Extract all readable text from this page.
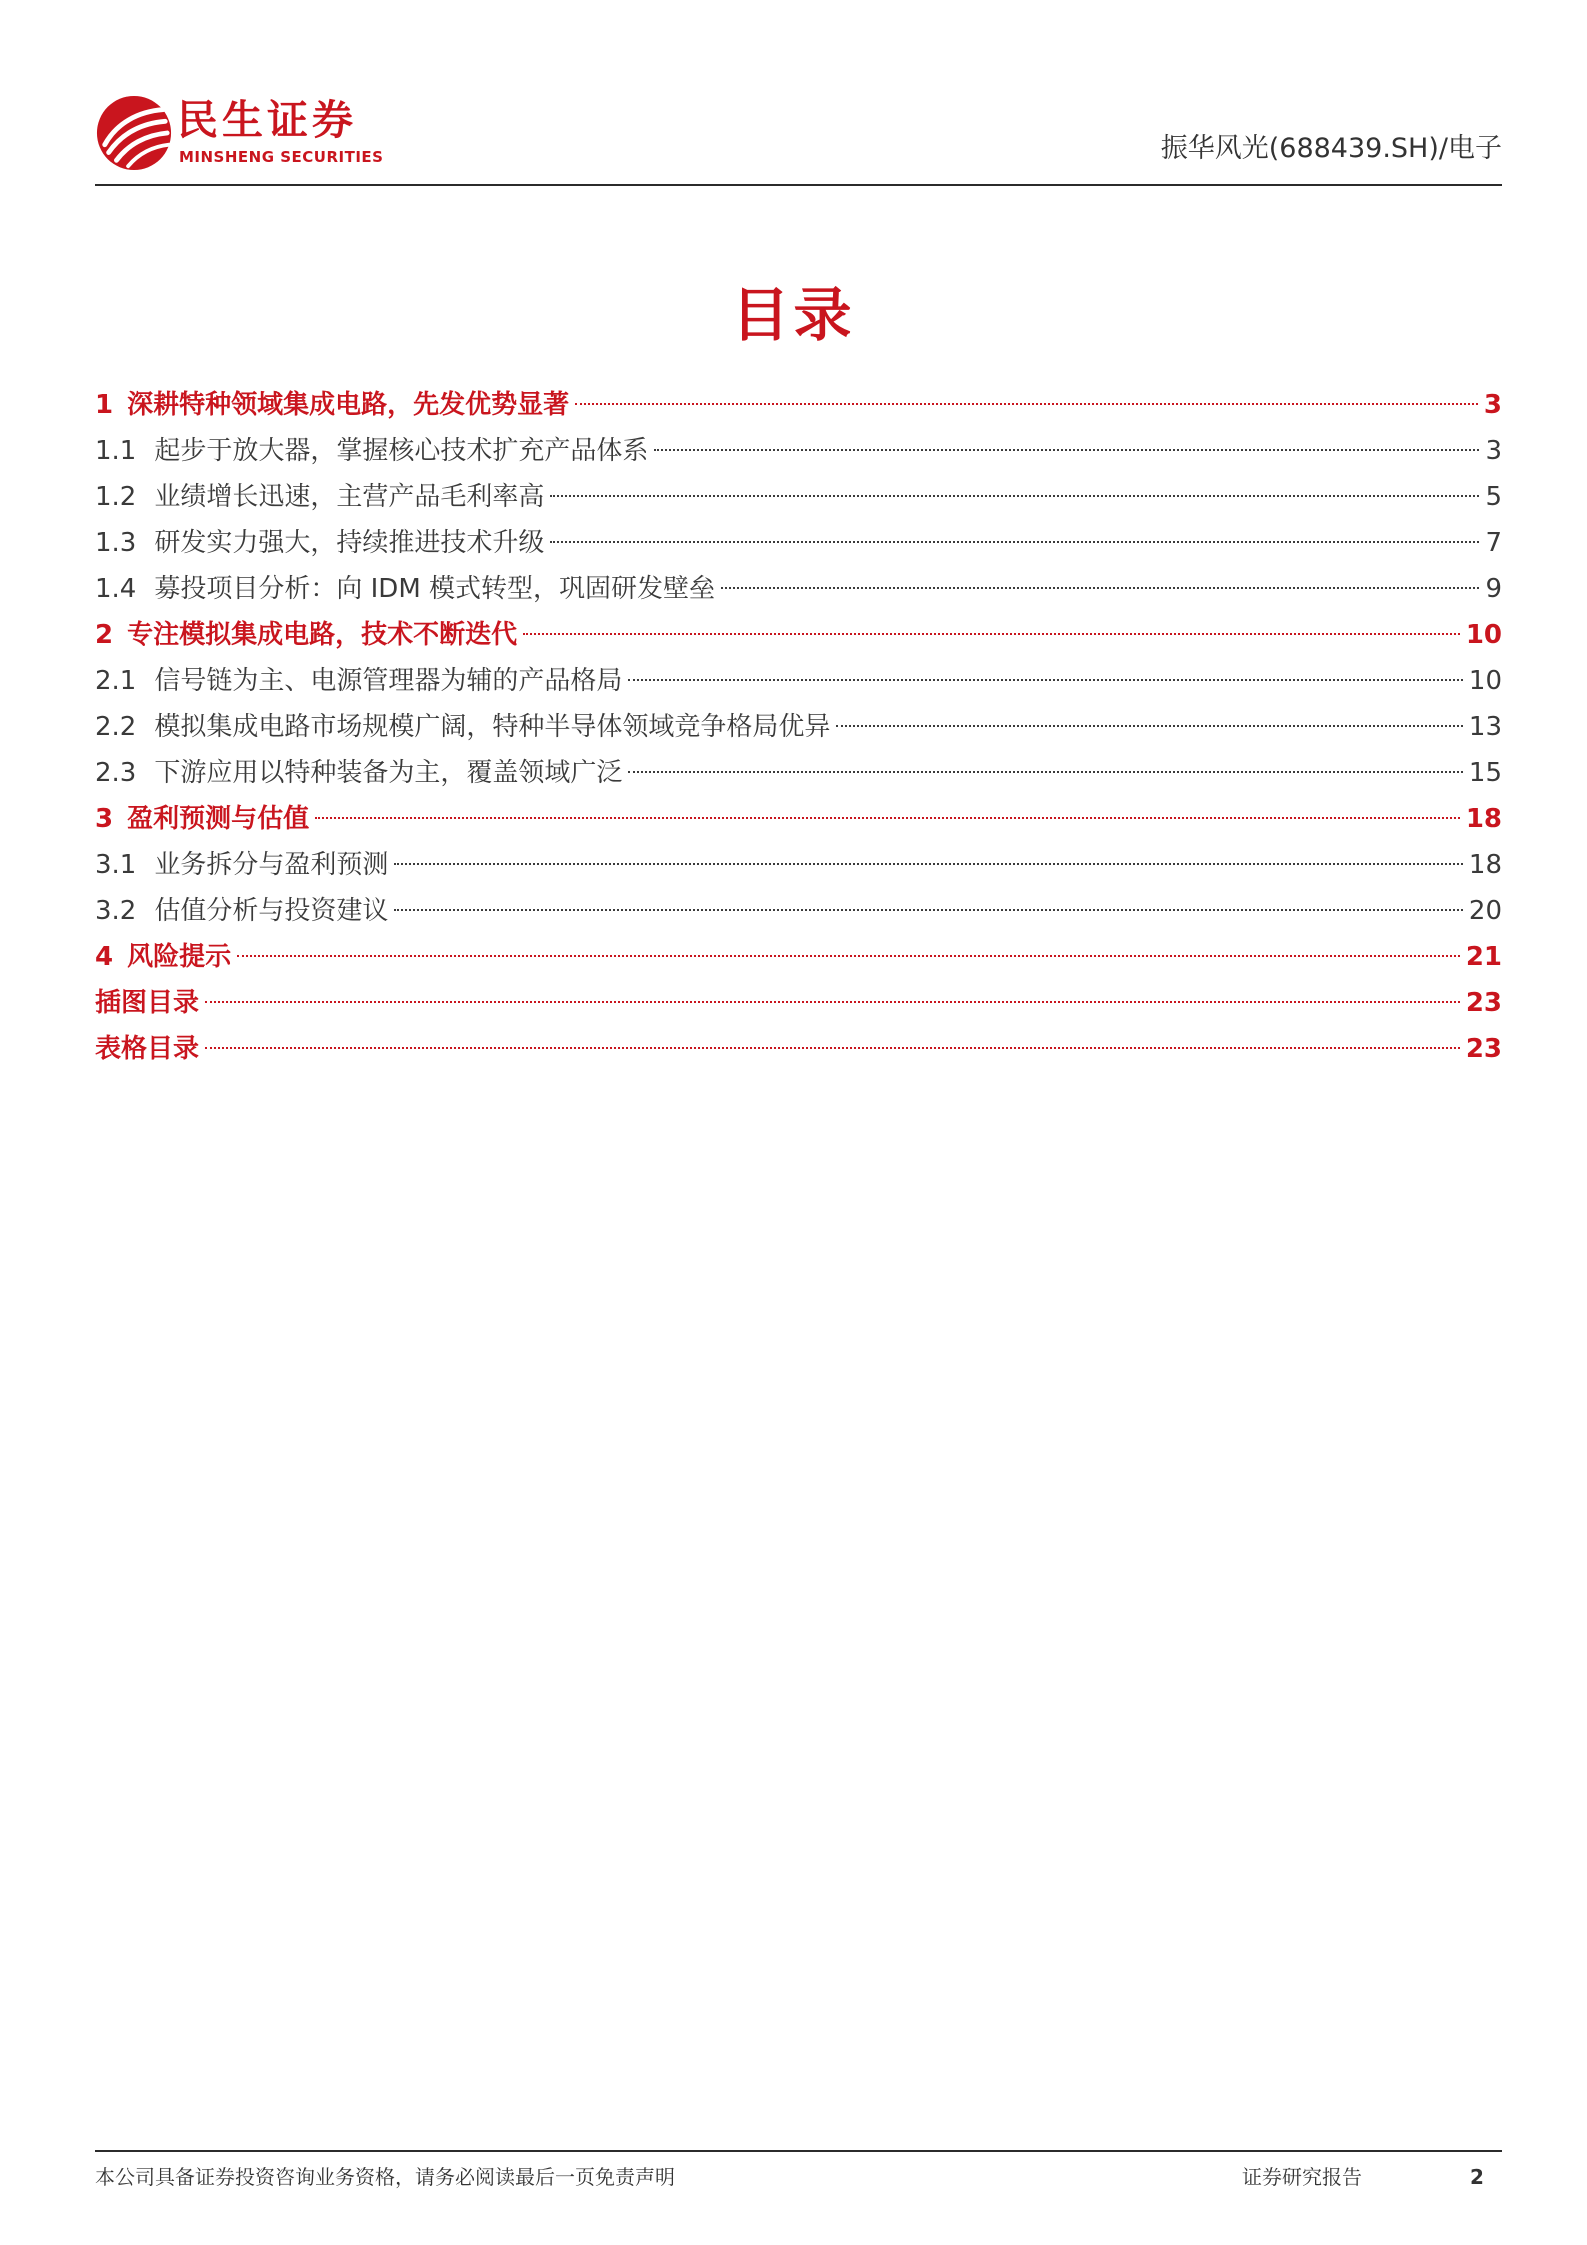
民生证券
MINSHENG SECURITIES	振华风光(688439.SH)/电子
目录
1 深耕特种领域集成电路，先发优势显著	3
1.1 起步于放大器，掌握核心技术扩充产品体系	3
1.2 业绩增长迅速，主营产品毛利率高	5
1.3 研发实力强大，持续推进技术升级	7
1.4 募投项目分析：向 IDM 模式转型，巩固研发壁垒	9
2 专注模拟集成电路，技术不断迭代	10
2.1 信号链为主、电源管理器为辅的产品格局	10
2.2 模拟集成电路市场规模广阔，特种半导体领域竞争格局优异	13
2.3 下游应用以特种装备为主，覆盖领域广泛	15
3 盈利预测与估值	18
3.1 业务拆分与盈利预测	18
3.2 估值分析与投资建议	20
4 风险提示	21
插图目录	23
表格目录	23
本公司具备证券投资咨询业务资格，请务必阅读最后一页免责声明	证券研究报告	2
